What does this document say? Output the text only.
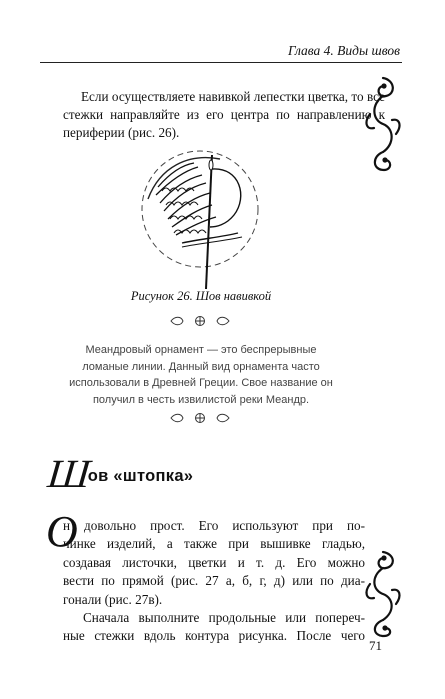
Глава 4. Виды швов
Если осуществляете навивкой лепестки цветка, то все стежки направляйте из его центра по направлению к периферии (рис. 26).
Рисунок 26. Шов навивкой
Меандровый орнамент — это беспрерывные ломаные линии. Данный вид орнамента часто использовали в Древней Греции. Свое название он получил в честь извилистой реки Меандр.
Шов «штопка»
О
н довольно прост. Его используют при по-
чинке изделий, а также при вышивке гладью,
создавая листочки, цветки и т. д. Его можно
вести по прямой (рис. 27 а, б, г, д) или по диа-
гонали (рис. 27в).
Сначала выполните продольные или попереч-
ные стежки вдоль контура рисунка. После чего
71
